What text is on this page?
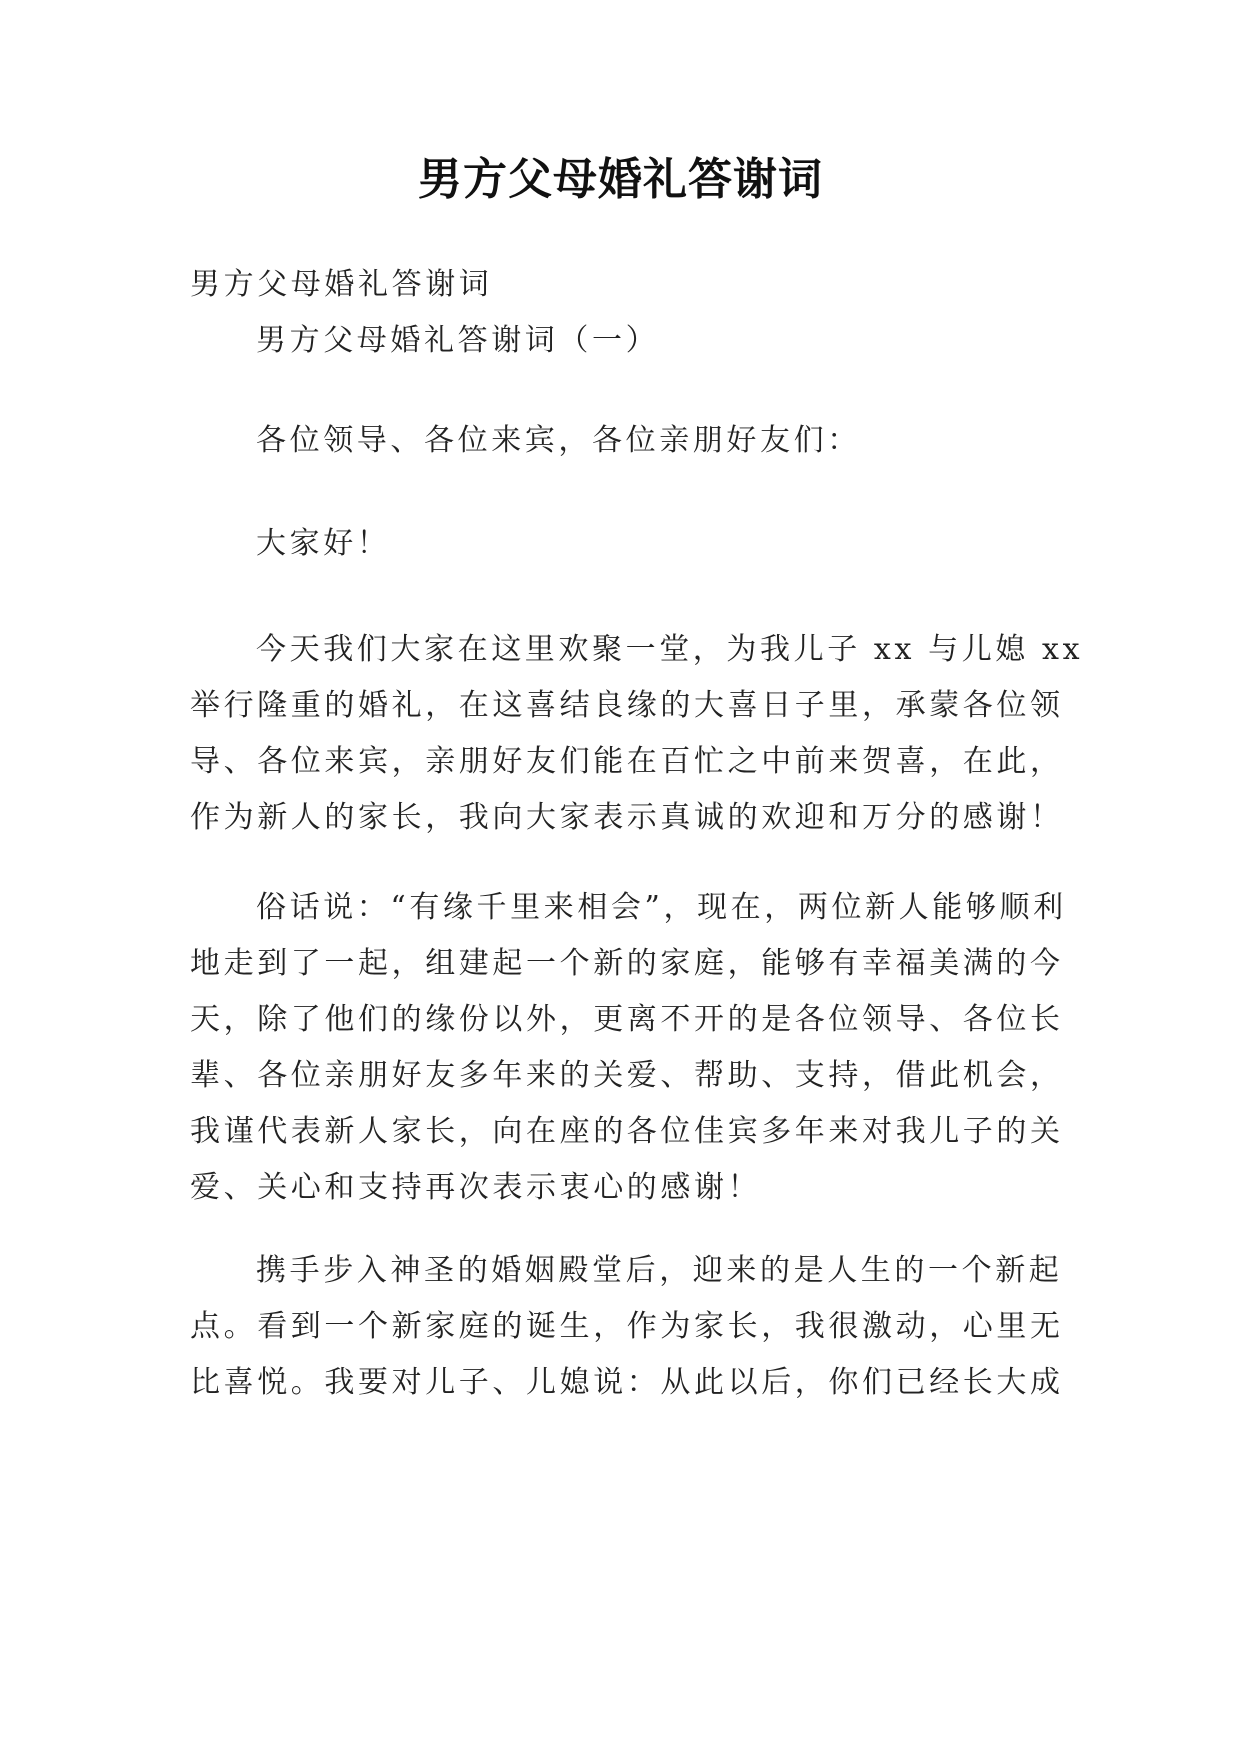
男方父母婚礼答谢词
男方父母婚礼答谢词
男方父母婚礼答谢词（一）
各位领导、各位来宾，各位亲朋好友们：
大家好！
今天我们大家在这里欢聚一堂，为我儿子 xx 与儿媳 xx
举行隆重的婚礼，在这喜结良缘的大喜日子里，承蒙各位领
导、各位来宾，亲朋好友们能在百忙之中前来贺喜，在此，
作为新人的家长，我向大家表示真诚的欢迎和万分的感谢！
俗话说：“有缘千里来相会”，现在，两位新人能够顺利
地走到了一起，组建起一个新的家庭，能够有幸福美满的今
天，除了他们的缘份以外，更离不开的是各位领导、各位长
辈、各位亲朋好友多年来的关爱、帮助、支持，借此机会，
我谨代表新人家长，向在座的各位佳宾多年来对我儿子的关
爱、关心和支持再次表示衷心的感谢！
携手步入神圣的婚姻殿堂后，迎来的是人生的一个新起
点。看到一个新家庭的诞生，作为家长，我很激动，心里无
比喜悦。我要对儿子、儿媳说：从此以后，你们已经长大成
